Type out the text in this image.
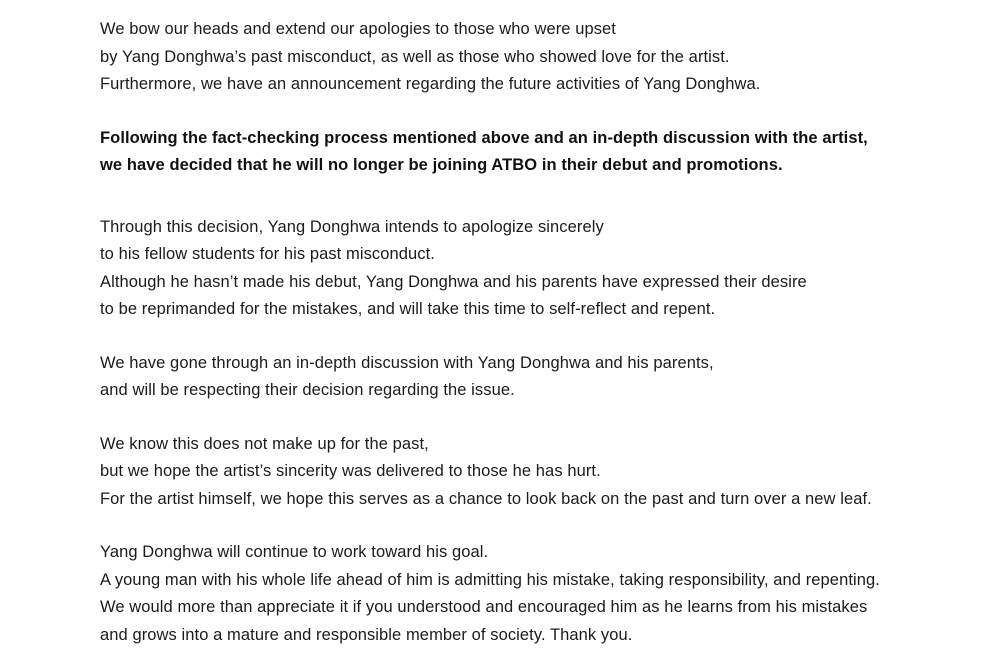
We bow our heads and extend our apologies to those who were upset
by Yang Donghwa’s past misconduct, as well as those who showed love for the artist.
Furthermore, we have an announcement regarding the future activities of Yang Donghwa.
Following the fact-checking process mentioned above and an in-depth discussion with the artist,
we have decided that he will no longer be joining ATBO in their debut and promotions.
Through this decision, Yang Donghwa intends to apologize sincerely
to his fellow students for his past misconduct.
Although he hasn’t made his debut, Yang Donghwa and his parents have expressed their desire
to be reprimanded for the mistakes, and will take this time to self-reflect and repent.
We have gone through an in-depth discussion with Yang Donghwa and his parents,
and will be respecting their decision regarding the issue.
We know this does not make up for the past,
but we hope the artist’s sincerity was delivered to those he has hurt.
For the artist himself, we hope this serves as a chance to look back on the past and turn over a new leaf.
Yang Donghwa will continue to work toward his goal.
A young man with his whole life ahead of him is admitting his mistake, taking responsibility, and repenting.
We would more than appreciate it if you understood and encouraged him as he learns from his mistakes
and grows into a mature and responsible member of society. Thank you.
